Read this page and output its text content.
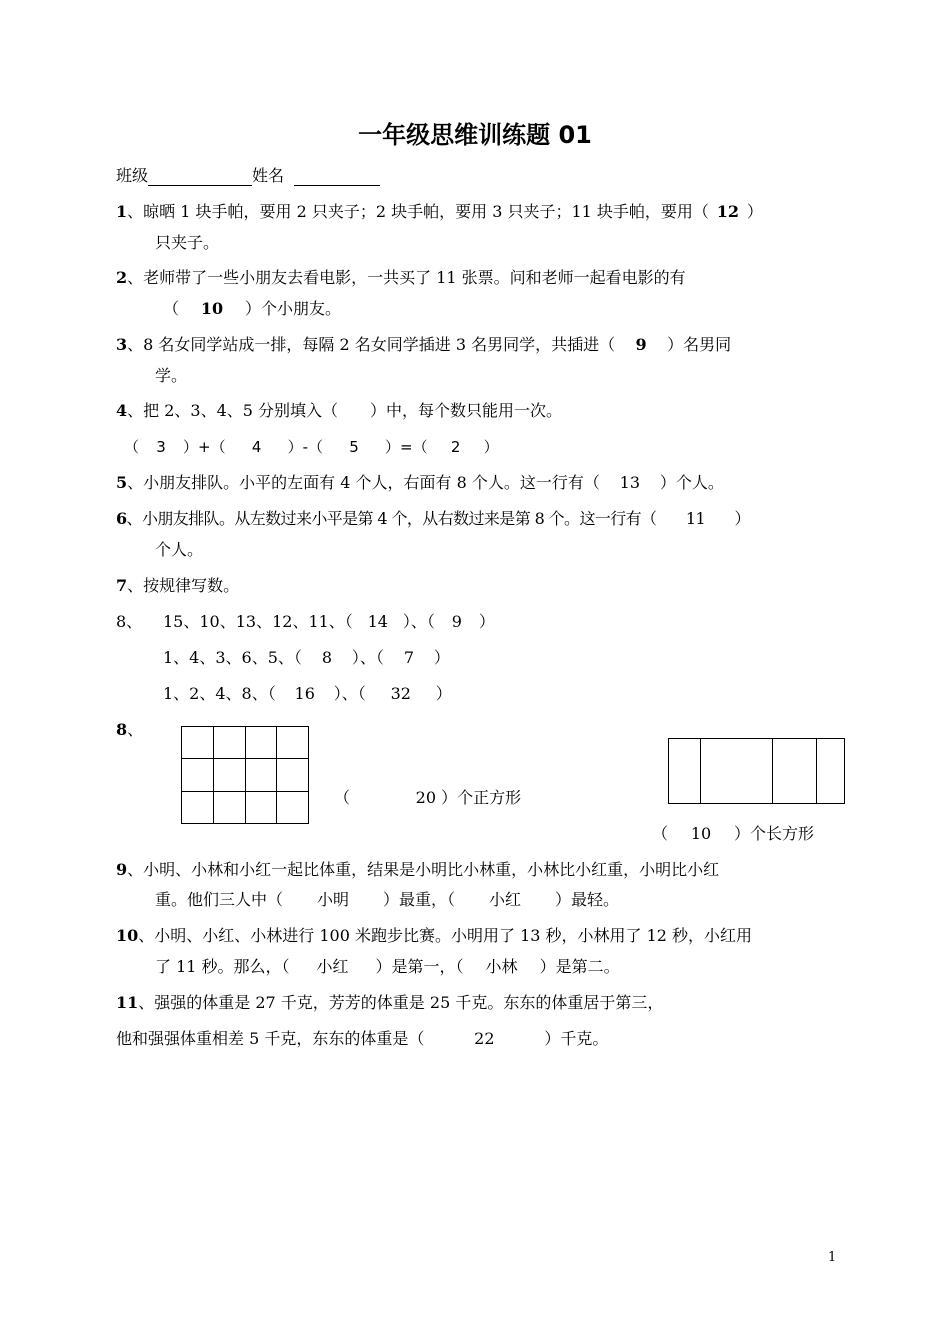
一年级思维训练题 01
班级	姓名
1、晾晒 1 块手帕，要用 2 只夹子；2 块手帕，要用 3 只夹子；11 块手帕，要用（ 12 ）
只夹子。
2、老师带了一些小朋友去看电影，一共买了 11 张票。问和老师一起看电影的有
（ 10 ）个小朋友。
3、8 名女同学站成一排，每隔 2 名女同学插进 3 名男同学，共插进（ 9 ）名男同
学。
4、把 2、3、4、5 分别填入（　　）中，每个数只能用一次。
（ 3 ）+（ 4 ）-（ 5 ）=（ 2 ）
5、小朋友排队。小平的左面有 4 个人，右面有 8 个人。这一行有（ 13 ）个人。
6、小朋友排队。从左数过来小平是第 4 个，从右数过来是第 8 个。这一行有（ 11 ）
个人。
7、按规律写数。
8、 15、10、13、12、11、（ 14 ）、（ 9 ）
1、4、3、6、5、（ 8 ）、（ 7 ）
1、2、4、8、（ 16 ）、（ 32 ）
8、

（	20 ）个正方形
（ 10 ）个长方形
9、小明、小林和小红一起比体重，结果是小明比小林重，小林比小红重，小明比小红
重。他们三人中（ 小明 ）最重，（ 小红 ）最轻。
10、小明、小红、小林进行 100 米跑步比赛。小明用了 13 秒，小林用了 12 秒，小红用
了 11 秒。那么，（ 小红 ）是第一，（ 小林 ）是第二。
11、强强的体重是 27 千克，芳芳的体重是 25 千克。东东的体重居于第三，
他和强强体重相差 5 千克，东东的体重是（	22	）千克。
1
